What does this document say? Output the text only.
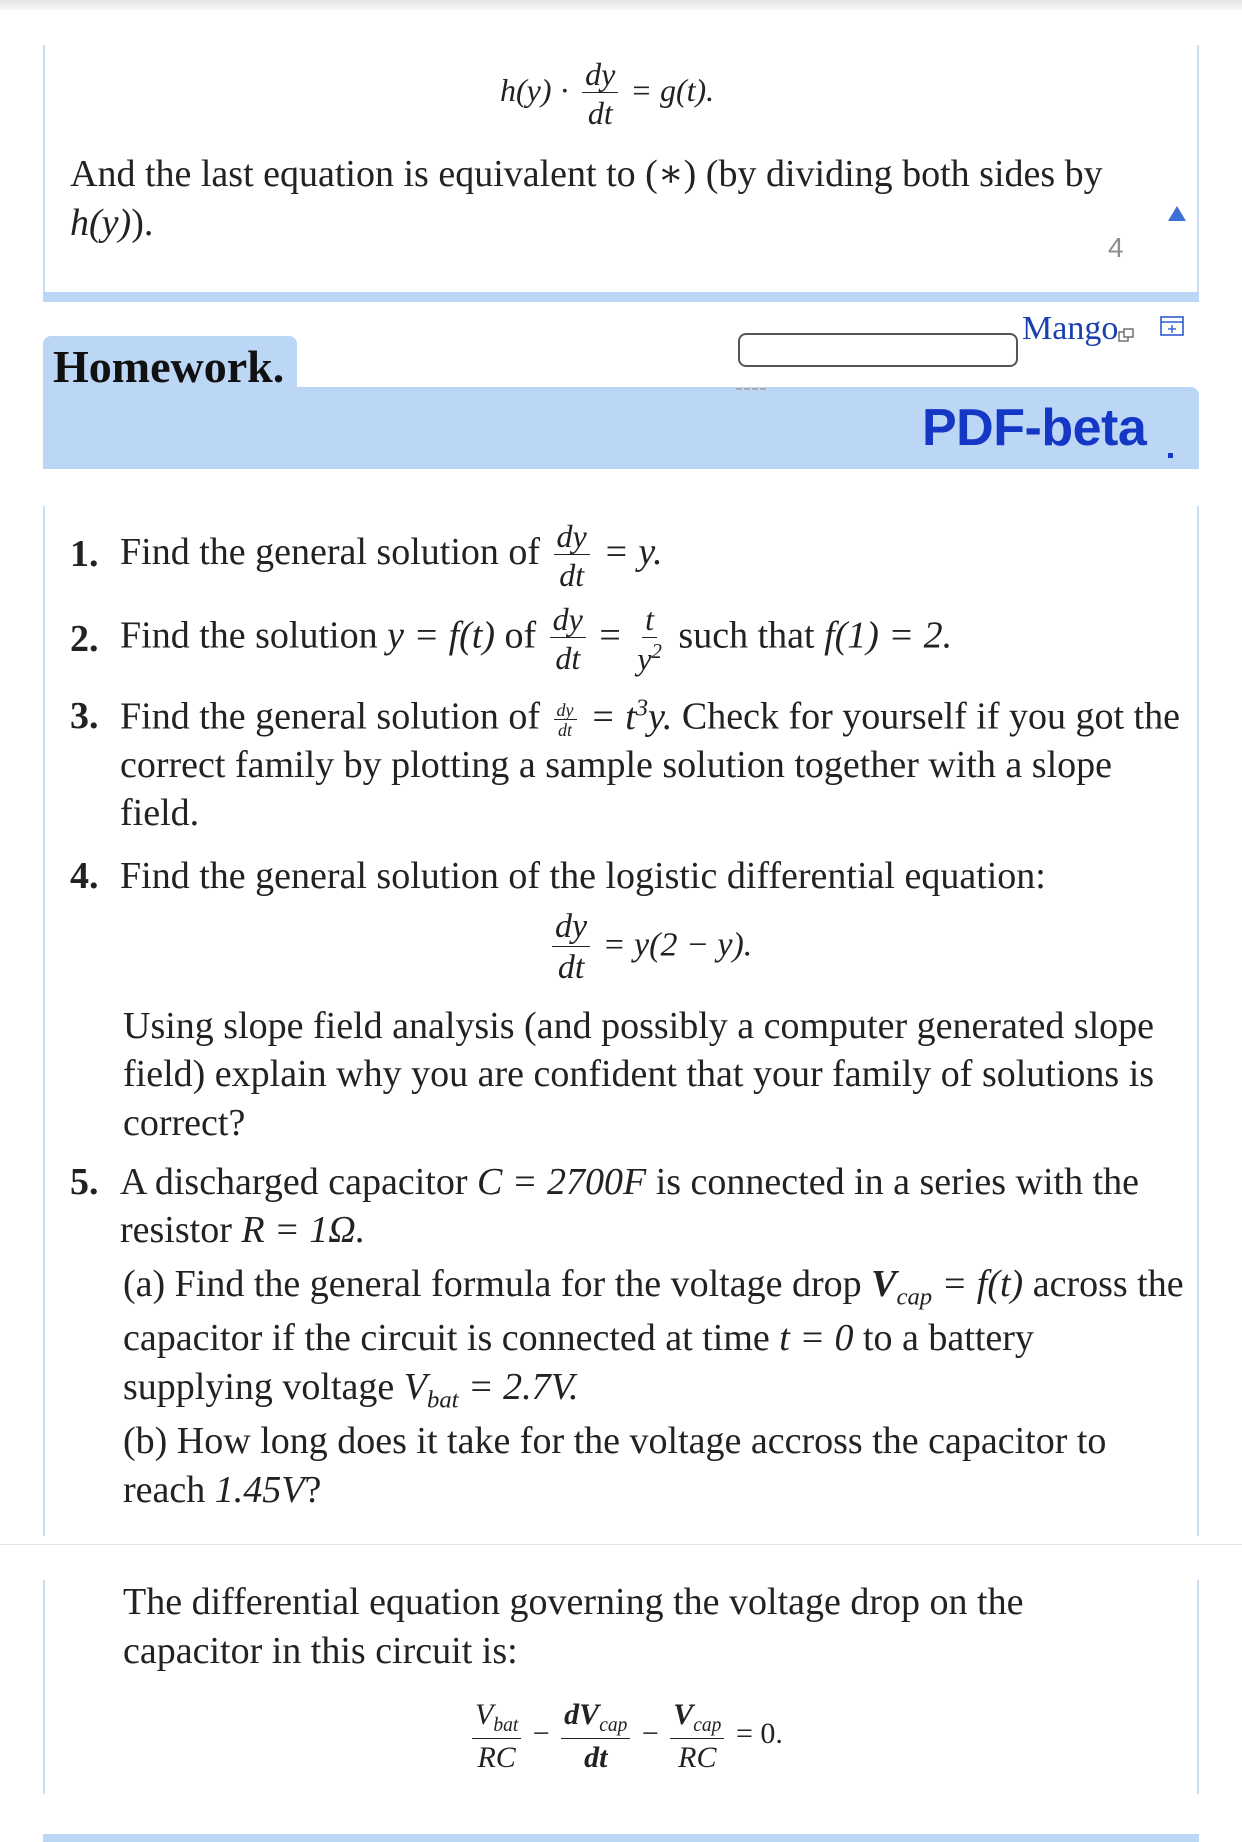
$h(y) \cdot \frac{dy}{dt} = g(t)$.
And the last equation is equivalent to (∗) (by dividing both sides by
h(y)).
4
Homework.
Mango
PDF-beta
1. Find the general solution of $\frac{dy}{dt} = y$.
2. Find the solution y = f(t) of $\frac{dy}{dt} = \frac{t}{y^2}$ such that f(1) = 2.
3. Find the general solution of $\frac{dy}{dt} = t^3y$. Check for yourself if you got the correct family by plotting a sample solution together with a slope field.
4. Find the general solution of the logistic differential equation:
$\frac{dy}{dt} = y(2 - y)$.
Using slope field analysis (and possibly a computer generated slope field) explain why you are confident that your family of solutions is correct?
5. A discharged capacitor C = 2700F is connected in a series with the resistor R = 1Ω.
(a) Find the general formula for the voltage drop $V_{cap} = f(t)$ across the capacitor if the circuit is connected at time t = 0 to a battery supplying voltage $V_{bat} = 2.7V$.
(b) How long does it take for the voltage accross the capacitor to reach 1.45V?
The differential equation governing the voltage drop on the capacitor in this circuit is:
$\frac{V_{bat}}{RC} - \frac{dV_{cap}}{dt} - \frac{V_{cap}}{RC} = 0$.
